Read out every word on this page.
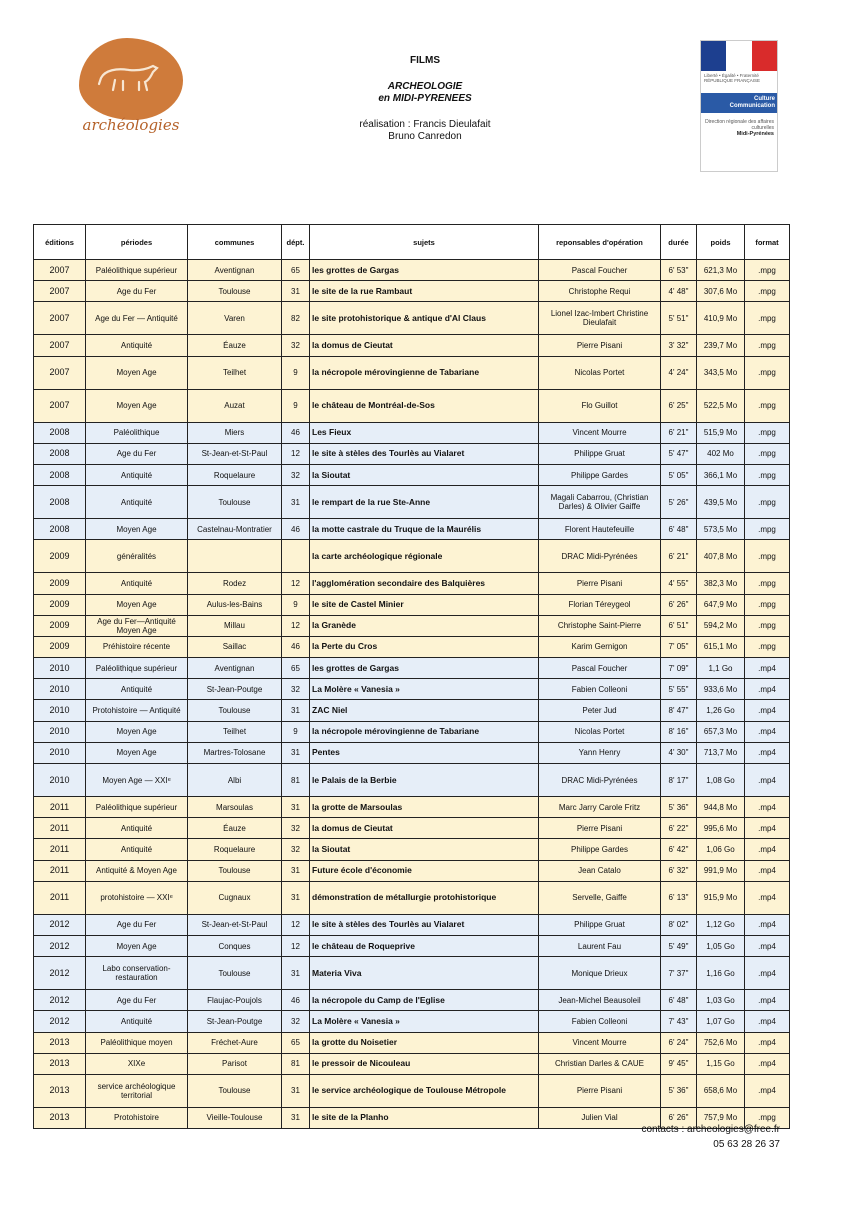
archéologies
FILMS
ARCHEOLOGIE
en MIDI-PYRENEES
réalisation : Francis Dieulafait
Bruno Canredon
Liberté • Égalité • Fraternité RÉPUBLIQUE FRANÇAISE
Culture Communication
Direction régionale des affaires culturelles
Midi-Pyrénées
éditions	périodes	communes	dépt.	sujets	reponsables d'opération	durée	poids	format
2007	Paléolithique supérieur	Aventignan	65	les grottes de Gargas	Pascal Foucher	6' 53"	621,3 Mo	.mpg
2007	Age du Fer	Toulouse	31	le site de la rue Rambaut	Christophe Requi	4' 48"	307,6 Mo	.mpg
2007	Age du Fer — Antiquité	Varen	82	le site protohistorique & antique d'Al Claus	Lionel Izac-Imbert Christine Dieulafait	5' 51"	410,9 Mo	.mpg
2007	Antiquité	Éauze	32	la domus de Cieutat	Pierre Pisani	3' 32"	239,7 Mo	.mpg
2007	Moyen Age	Teilhet	9	la nécropole mérovingienne de Tabariane	Nicolas Portet	4' 24"	343,5 Mo	.mpg
2007	Moyen Age	Auzat	9	le château de Montréal-de-Sos	Flo Guillot	6' 25"	522,5 Mo	.mpg
2008	Paléolithique	Miers	46	Les Fieux	Vincent Mourre	6' 21"	515,9 Mo	.mpg
2008	Age du Fer	St-Jean-et-St-Paul	12	le site à stèles des Tourlès au Vialaret	Philippe Gruat	5' 47"	402 Mo	.mpg
2008	Antiquité	Roquelaure	32	la Sioutat	Philippe Gardes	5' 05"	366,1 Mo	.mpg
2008	Antiquité	Toulouse	31	le rempart de la rue Ste-Anne	Magali Cabarrou, (Christian Darles) & Olivier Gaiffe	5' 26"	439,5 Mo	.mpg
2008	Moyen Age	Castelnau-Montratier	46	la motte castrale du Truque de la Maurélis	Florent Hautefeuille	6' 48"	573,5 Mo	.mpg
2009	généralités			la carte archéologique régionale	DRAC Midi-Pyrénées	6' 21"	407,8 Mo	.mpg
2009	Antiquité	Rodez	12	l'agglomération secondaire des Balquières	Pierre Pisani	4' 55"	382,3 Mo	.mpg
2009	Moyen Age	Aulus-les-Bains	9	le site de Castel Minier	Florian Téreygeol	6' 26"	647,9 Mo	.mpg
2009	Age du Fer—Antiquité Moyen Age	Millau	12	la Granède	Christophe Saint-Pierre	6' 51"	594,2 Mo	.mpg
2009	Préhistoire récente	Saillac	46	la Perte du Cros	Karim Gernigon	7' 05"	615,1 Mo	.mpg
2010	Paléolithique supérieur	Aventignan	65	les grottes de Gargas	Pascal Foucher	7' 09"	1,1 Go	.mp4
2010	Antiquité	St-Jean-Poutge	32	La Molère « Vanesia »	Fabien Colleoni	5' 55"	933,6 Mo	.mp4
2010	Protohistoire — Antiquité	Toulouse	31	ZAC Niel	Peter Jud	8' 47"	1,26 Go	.mp4
2010	Moyen Age	Teilhet	9	la nécropole mérovingienne de Tabariane	Nicolas Portet	8' 16"	657,3 Mo	.mp4
2010	Moyen Age	Martres-Tolosane	31	Pentes	Yann Henry	4' 30"	713,7 Mo	.mp4
2010	Moyen Age — XXIᵉ	Albi	81	le Palais de la Berbie	DRAC Midi-Pyrénées	8' 17"	1,08 Go	.mp4
2011	Paléolithique supérieur	Marsoulas	31	la grotte de Marsoulas	Marc Jarry Carole Fritz	5' 36"	944,8 Mo	.mp4
2011	Antiquité	Éauze	32	la domus de Cieutat	Pierre Pisani	6' 22"	995,6 Mo	.mp4
2011	Antiquité	Roquelaure	32	la Sioutat	Philippe Gardes	6' 42"	1,06 Go	.mp4
2011	Antiquité & Moyen Age	Toulouse	31	Future école d'économie	Jean Catalo	6' 32"	991,9 Mo	.mp4
2011	protohistoire — XXIᵉ	Cugnaux	31	démonstration de métallurgie protohistorique	Servelle, Gaiffe	6' 13"	915,9 Mo	.mp4
2012	Age du Fer	St-Jean-et-St-Paul	12	le site à stèles des Tourlès au Vialaret	Philippe Gruat	8' 02"	1,12 Go	.mp4
2012	Moyen Age	Conques	12	le château de Roqueprive	Laurent Fau	5' 49"	1,05 Go	.mp4
2012	Labo conservation-restauration	Toulouse	31	Materia Viva	Monique Drieux	7' 37"	1,16 Go	.mp4
2012	Age du Fer	Flaujac-Poujols	46	la nécropole du Camp de l'Eglise	Jean-Michel Beausoleil	6' 48"	1,03 Go	.mp4
2012	Antiquité	St-Jean-Poutge	32	La Molère « Vanesia »	Fabien Colleoni	7' 43"	1,07 Go	.mp4
2013	Paléolithique moyen	Fréchet-Aure	65	la grotte du Noisetier	Vincent Mourre	6' 24"	752,6 Mo	.mp4
2013	XIXe	Parisot	81	le pressoir de Nicouleau	Christian Darles & CAUE	9' 45"	1,15 Go	.mp4
2013	service archéologique territorial	Toulouse	31	le service archéologique de Toulouse Métropole	Pierre Pisani	5' 36"	658,6 Mo	.mp4
2013	Protohistoire	Vieille-Toulouse	31	le site de la Planho	Julien Vial	6' 26"	757,9 Mo	.mpg
contacts : archeologies@free.fr
05 63 28 26 37
